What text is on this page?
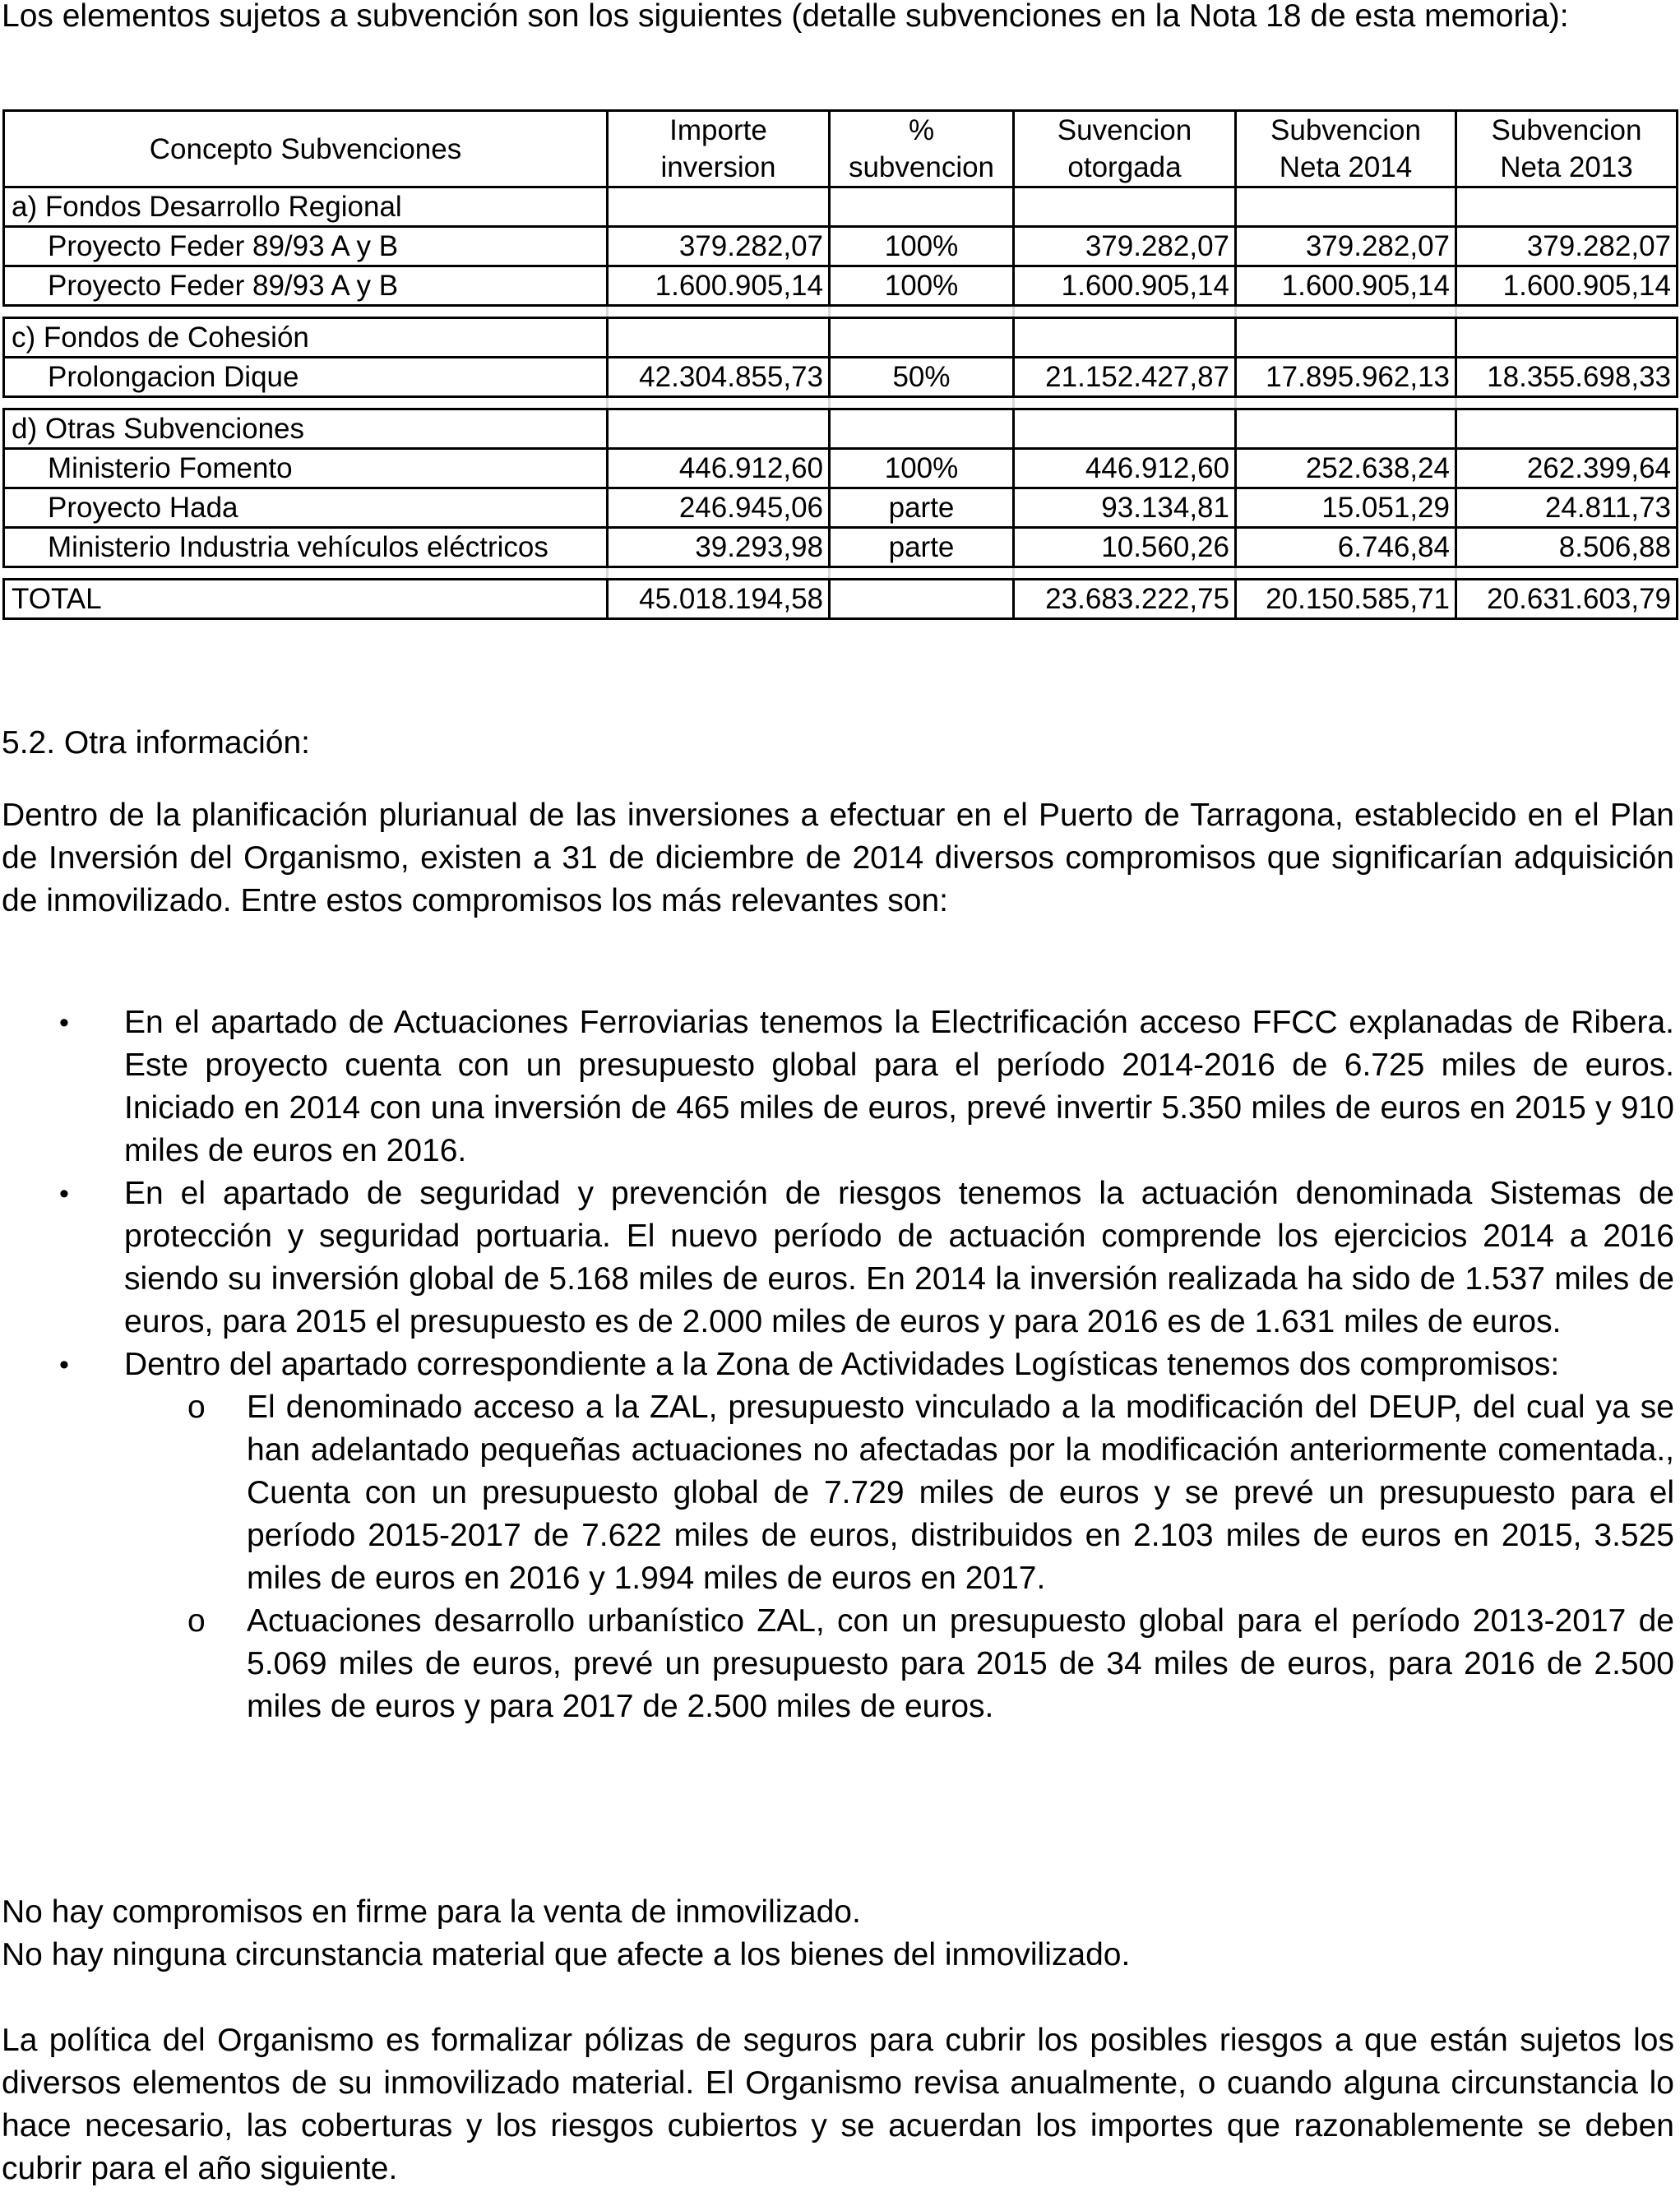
Los elementos sujetos a subvención son los siguientes (detalle subvenciones en la Nota 18 de esta memoria):

Concepto Subvenciones	Importe	%	Suvencion	Subvencion	Subvencion
	inversion	subvencion	otorgada	Neta 2014	Neta 2013
a) Fondos Desarrollo Regional					
Proyecto Feder 89/93 A y B	379.282,07	100%	379.282,07	379.282,07	379.282,07
Proyecto Feder 89/93 A y B	1.600.905,14	100%	1.600.905,14	1.600.905,14	1.600.905,14

c) Fondos de Cohesión					
Prolongacion Dique	42.304.855,73	50%	21.152.427,87	17.895.962,13	18.355.698,33

d) Otras Subvenciones					
Ministerio Fomento	446.912,60	100%	446.912,60	252.638,24	262.399,64
Proyecto Hada	246.945,06	parte	93.134,81	15.051,29	24.811,73
Ministerio Industria vehículos eléctricos	39.293,98	parte	10.560,26	6.746,84	8.506,88

TOTAL	45.018.194,58		23.683.222,75	20.150.585,71	20.631.603,79

5.2. Otra información:

Dentro de la planificación plurianual de las inversiones a efectuar en el Puerto de Tarragona, establecido en el Plan de Inversión del Organismo, existen a 31 de diciembre de 2014 diversos compromisos que significarían adquisición de inmovilizado. Entre estos compromisos los más relevantes son:

• En el apartado de Actuaciones Ferroviarias tenemos la Electrificación acceso FFCC explanadas de Ribera. Este proyecto cuenta con un presupuesto global para el período 2014-2016 de 6.725 miles de euros. Iniciado en 2014 con una inversión de 465 miles de euros, prevé invertir 5.350 miles de euros en 2015 y 910 miles de euros en 2016.
• En el apartado de seguridad y prevención de riesgos tenemos la actuación denominada Sistemas de protección y seguridad portuaria. El nuevo período de actuación comprende los ejercicios 2014 a 2016 siendo su inversión global de 5.168 miles de euros. En 2014 la inversión realizada ha sido de 1.537 miles de euros, para 2015 el presupuesto es de 2.000 miles de euros y para 2016 es de 1.631 miles de euros.
• Dentro del apartado correspondiente a la Zona de Actividades Logísticas tenemos dos compromisos:
o El denominado acceso a la ZAL, presupuesto vinculado a la modificación del DEUP, del cual ya se han adelantado pequeñas actuaciones no afectadas por la modificación anteriormente comentada., Cuenta con un presupuesto global de 7.729 miles de euros y se prevé un presupuesto para el período 2015-2017 de 7.622 miles de euros, distribuidos en 2.103 miles de euros en 2015, 3.525 miles de euros en 2016 y 1.994 miles de euros en 2017.
o Actuaciones desarrollo urbanístico ZAL, con un presupuesto global para el período 2013-2017 de 5.069 miles de euros, prevé un presupuesto para 2015 de 34 miles de euros, para 2016 de 2.500 miles de euros y para 2017 de 2.500 miles de euros.

No hay compromisos en firme para la venta de inmovilizado.

No hay ninguna circunstancia material que afecte a los bienes del inmovilizado.

La política del Organismo es formalizar pólizas de seguros para cubrir los posibles riesgos a que están sujetos los diversos elementos de su inmovilizado material. El Organismo revisa anualmente, o cuando alguna circunstancia lo hace necesario, las coberturas y los riesgos cubiertos y se acuerdan los importes que razonablemente se deben cubrir para el año siguiente.
